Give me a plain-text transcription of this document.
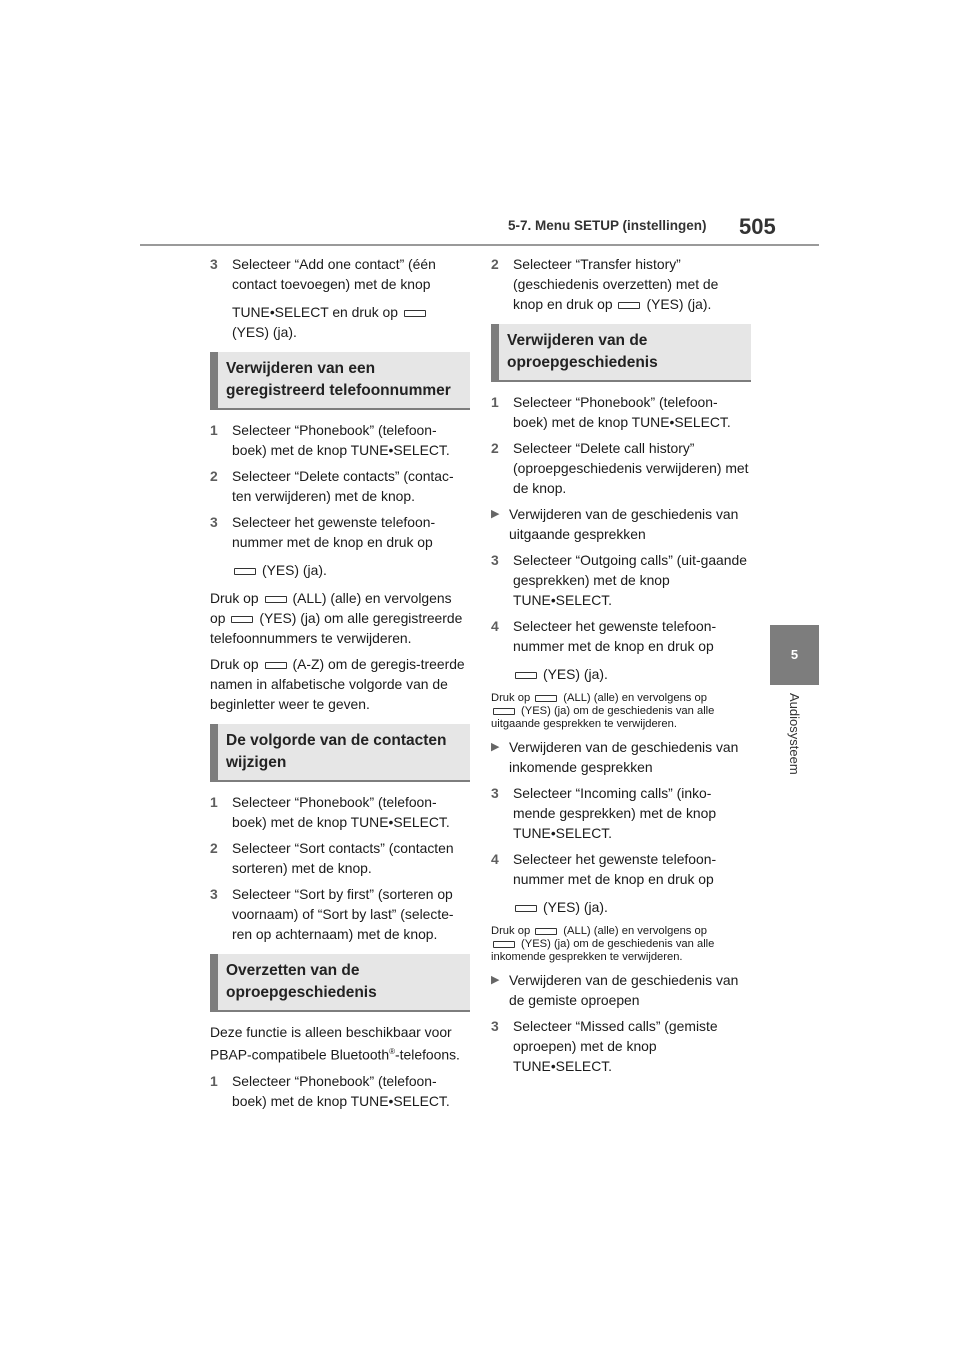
5-7. Menu SETUP (instellingen) 505
5
Audiosysteem
3	Selecteer “Add one contact” (één contact toevoegen) met de knop
TUNE•SELECT en druk op
(YES) (ja).
Verwijderen van een geregistreerd telefoonnummer
1	Selecteer “Phonebook” (telefoon-boek) met de knop TUNE•SELECT.
2	Selecteer “Delete contacts” (contac-ten verwijderen) met de knop.
3	Selecteer het gewenste telefoon-nummer met de knop en druk op
(YES) (ja).
Druk op (ALL) (alle) en vervolgens
op (YES) (ja) om alle geregistreerde telefoonnummers te verwijderen.
Druk op (A-Z) om de geregis-treerde namen in alfabetische volgorde van de beginletter weer te geven.
De volgorde van de contacten wijzigen
1	Selecteer “Phonebook” (telefoon-boek) met de knop TUNE•SELECT.
2	Selecteer “Sort contacts” (contacten sorteren) met de knop.
3	Selecteer “Sort by first” (sorteren op voornaam) of “Sort by last” (selecte-ren op achternaam) met de knop.
Overzetten van de oproepgeschiedenis
Deze functie is alleen beschikbaar voor PBAP-compatibele Bluetooth®-telefoons.
1	Selecteer “Phonebook” (telefoon-boek) met de knop TUNE•SELECT.
2	Selecteer “Transfer history” (geschiedenis overzetten) met de
knop en druk op (YES) (ja).
Verwijderen van de oproepgeschiedenis
1	Selecteer “Phonebook” (telefoon-boek) met de knop TUNE•SELECT.
2	Selecteer “Delete call history” (oproepgeschiedenis verwijderen) met de knop.
▶ Verwijderen van de geschiedenis van uitgaande gesprekken
3	Selecteer “Outgoing calls” (uit-gaande gesprekken) met de knop TUNE•SELECT.
4	Selecteer het gewenste telefoon-nummer met de knop en druk op
(YES) (ja).
Druk op	(ALL) (alle) en vervolgens op
(YES) (ja) om de geschiedenis van alle uitgaande gesprekken te verwijderen.
▶ Verwijderen van de geschiedenis van inkomende gesprekken
3	Selecteer “Incoming calls” (inko-mende gesprekken) met de knop TUNE•SELECT.
4	Selecteer het gewenste telefoon-nummer met de knop en druk op
(YES) (ja).
Druk op	(ALL) (alle) en vervolgens op
(YES) (ja) om de geschiedenis van alle inkomende gesprekken te verwijderen.
▶ Verwijderen van de geschiedenis van de gemiste oproepen
3	Selecteer “Missed calls” (gemiste oproepen) met de knop TUNE•SELECT.
